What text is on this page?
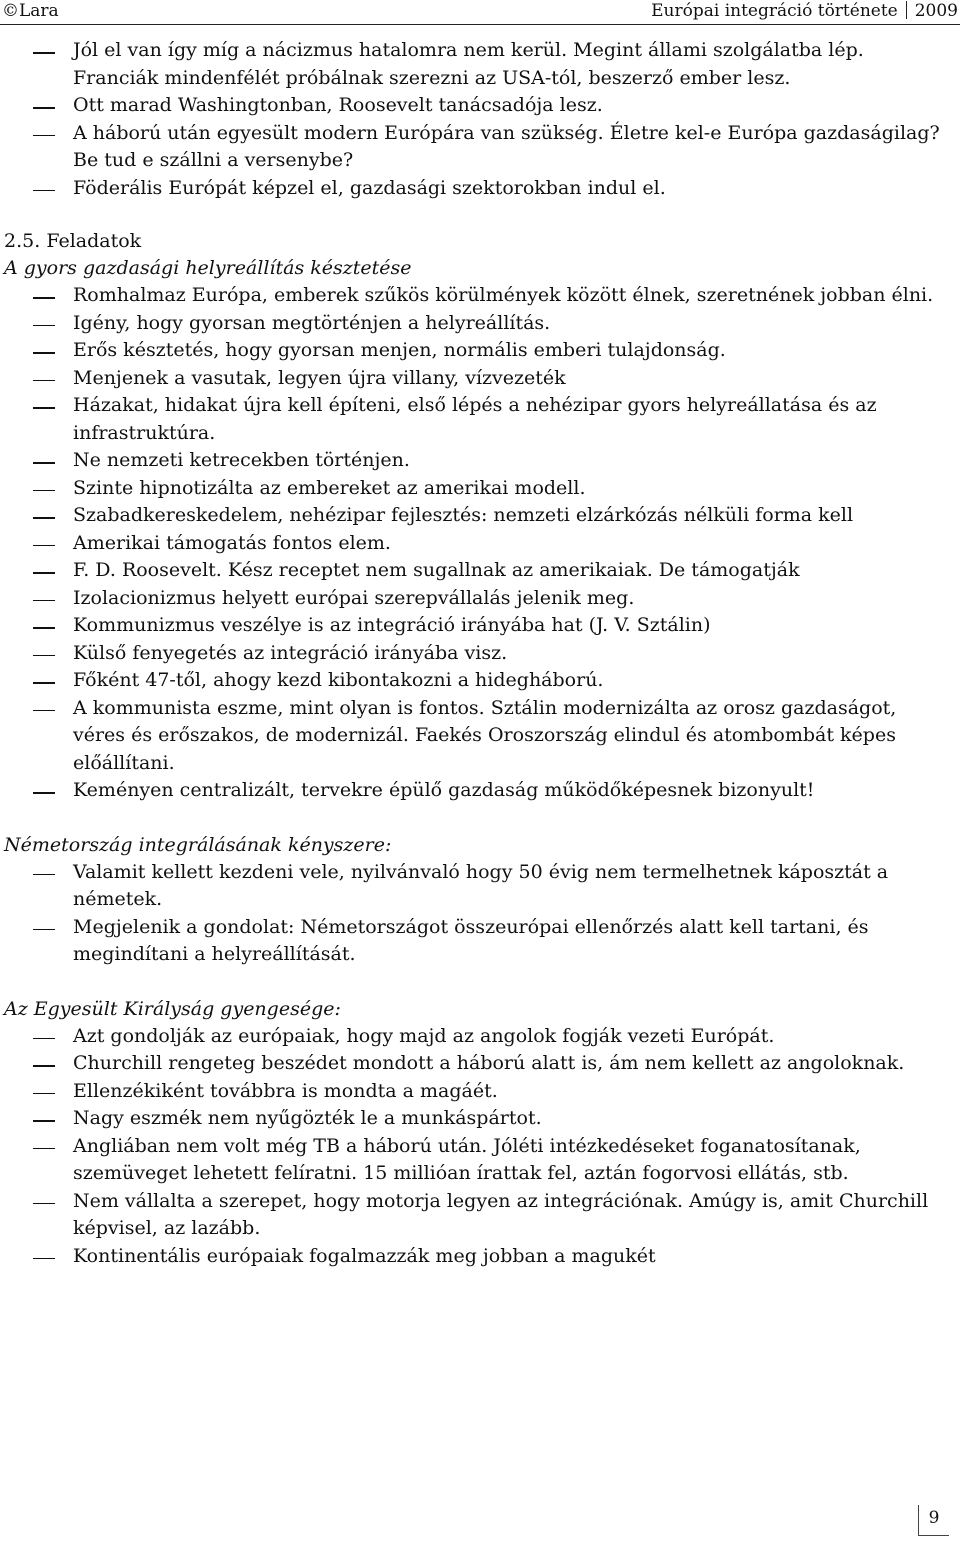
©Lara	Európai integráció története 2009
Jól el van így míg a nácizmus hatalomra nem kerül. Megint állami szolgálatba lép. Franciák mindenfélét próbálnak szerezni az USA-tól, beszerző ember lesz.
Ott marad Washingtonban, Roosevelt tanácsadója lesz.
A háború után egyesült modern Európára van szükség. Életre kel-e Európa gazdaságilag? Be tud e szállni a versenybe?
Föderális Európát képzel el, gazdasági szektorokban indul el.

2.5. Feladatok

A gyors gazdasági helyreállítás késztetése

Romhalmaz Európa, emberek szűkös körülmények között élnek, szeretnének jobban élni.
Igény, hogy gyorsan megtörténjen a helyreállítás.
Erős késztetés, hogy gyorsan menjen, normális emberi tulajdonság.
Menjenek a vasutak, legyen újra villany, vízvezeték
Házakat, hidakat újra kell építeni, első lépés a nehézipar gyors helyreállatása és az infrastruktúra.
Ne nemzeti ketrecekben történjen.
Szinte hipnotizálta az embereket az amerikai modell.
Szabadkereskedelem, nehézipar fejlesztés: nemzeti elzárkózás nélküli forma kell
Amerikai támogatás fontos elem.
F. D. Roosevelt. Kész receptet nem sugallnak az amerikaiak. De támogatják
Izolacionizmus helyett európai szerepvállalás jelenik meg.
Kommunizmus veszélye is az integráció irányába hat (J. V. Sztálin)
Külső fenyegetés az integráció irányába visz.
Főként 47-től, ahogy kezd kibontakozni a hidegháború.
A kommunista eszme, mint olyan is fontos. Sztálin modernizálta az orosz gazdaságot, véres és erőszakos, de modernizál. Faekés Oroszország elindul és atombombát képes előállítani.
Keményen centralizált, tervekre épülő gazdaság működőképesnek bizonyult!

Németország integrálásának kényszere:

Valamit kellett kezdeni vele, nyilvánvaló hogy 50 évig nem termelhetnek káposztát a németek.
Megjelenik a gondolat: Németországot összeurópai ellenőrzés alatt kell tartani, és megindítani a helyreállítását.

Az Egyesült Királyság gyengesége:

Azt gondolják az európaiak, hogy majd az angolok fogják vezeti Európát.
Churchill rengeteg beszédet mondott a háború alatt is, ám nem kellett az angoloknak.
Ellenzékiként továbbra is mondta a magáét.
Nagy eszmék nem nyűgözték le a munkáspártot.
Angliában nem volt még TB a háború után. Jóléti intézkedéseket foganatosítanak, szemüveget lehetett felíratni. 15 millióan írattak fel, aztán fogorvosi ellátás, stb.
Nem vállalta a szerepet, hogy motorja legyen az integrációnak. Amúgy is, amit Churchill képvisel, az lazább.
Kontinentális európaiak fogalmazzák meg jobban a magukét
9
